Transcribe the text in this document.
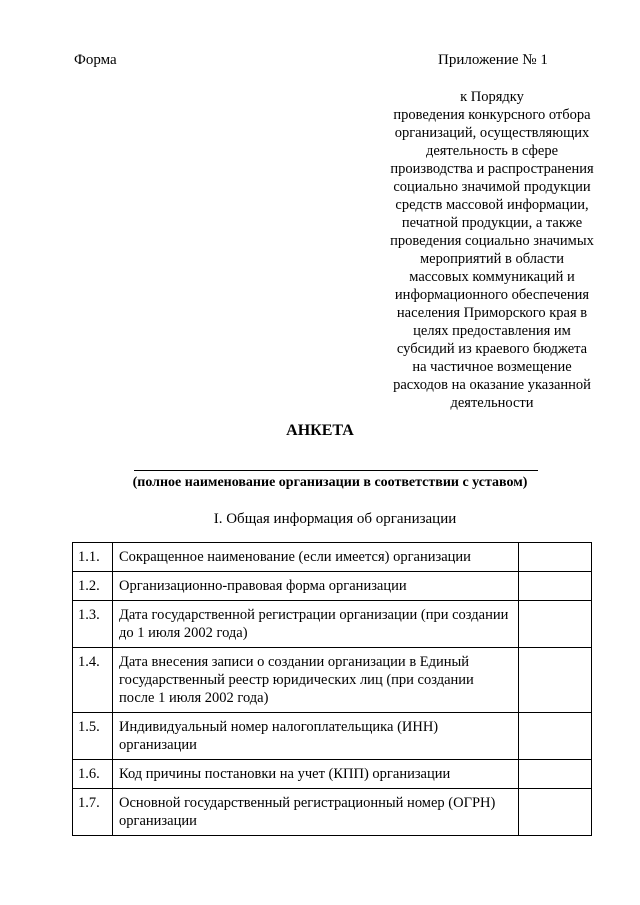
Форма	Приложение № 1
к Порядку
проведения конкурсного отбора
организаций, осуществляющих
деятельность в сфере
производства и распространения
социально значимой продукции
средств массовой информации,
печатной продукции, а также
проведения социально значимых
мероприятий в области
массовых коммуникаций и
информационного обеспечения
населения Приморского края в
целях предоставления им
субсидий из краевого бюджета
на частичное возмещение
расходов на оказание указанной
деятельности
АНКЕТА
(полное наименование организации в соответствии с уставом)
I. Общая информация об организации
1.1.	Сокращенное наименование (если имеется) организации	
1.2.	Организационно-правовая форма организации	
1.3.	Дата государственной регистрации организации (при создании до 1 июля 2002 года)	
1.4.	Дата внесения записи о создании организации в Единый государственный реестр юридических лиц (при создании после 1 июля 2002 года)	
1.5.	Индивидуальный номер налогоплательщика (ИНН) организации	
1.6.	Код причины постановки на учет (КПП) организации	
1.7.	Основной государственный регистрационный номер (ОГРН) организации	
